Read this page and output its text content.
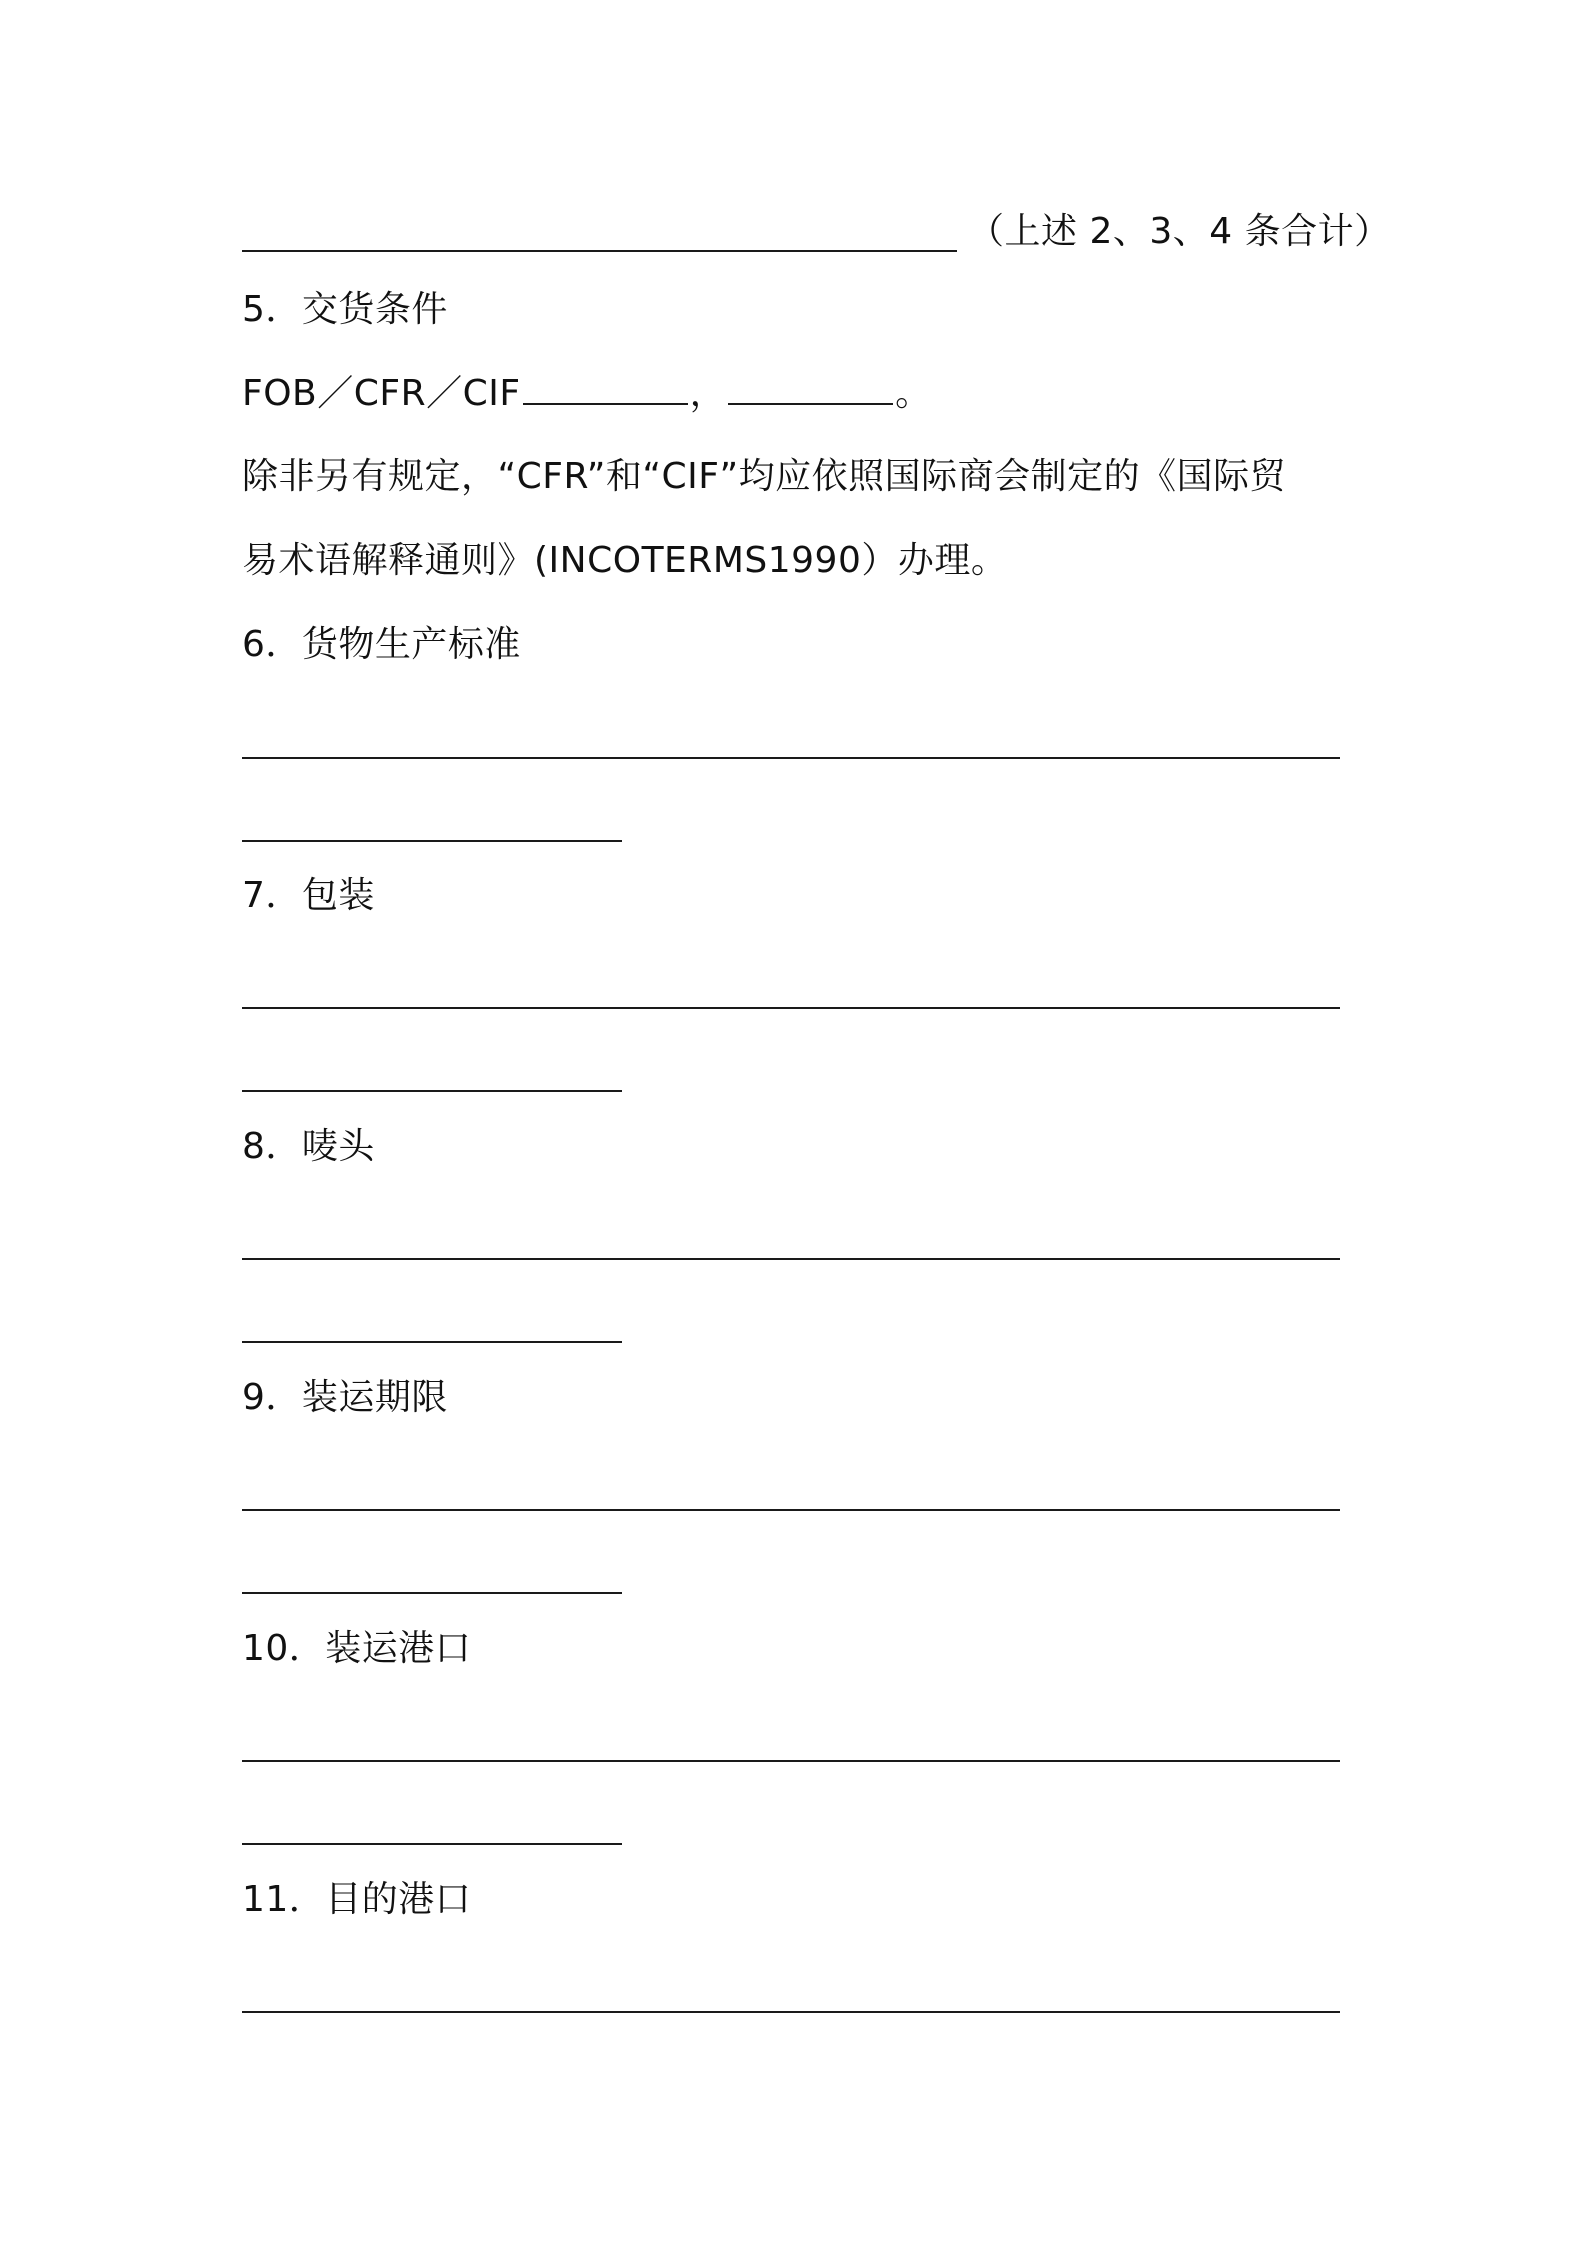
（上述 2、3、4 条合计）
5．交货条件
FOB／CFR／CIF	，	。
除非另有规定，“CFR”和“CIF”均应依照国际商会制定的《国际贸
易术语解释通则》(INCOTERMS1990）办理。
6．货物生产标准
7．包装
8．唛头
9．装运期限
10．装运港口
11．目的港口
